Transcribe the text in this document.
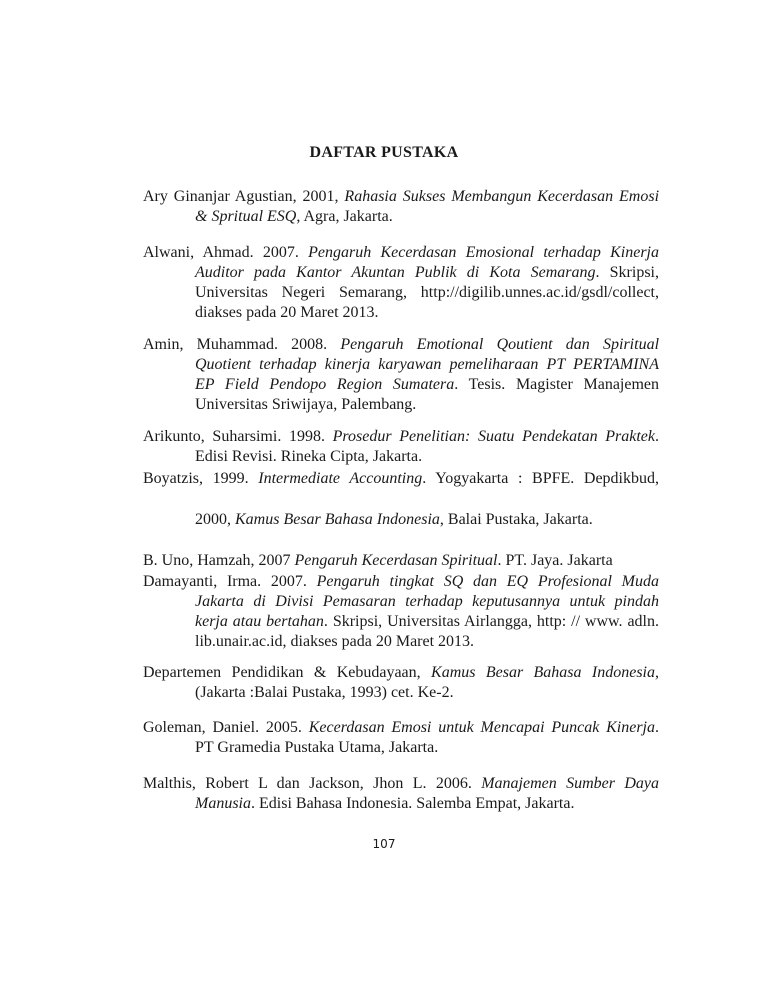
DAFTAR PUSTAKA
Ary Ginanjar Agustian, 2001, Rahasia Sukses Membangun Kecerdasan Emosi
& Spritual ESQ, Agra, Jakarta.
Alwani, Ahmad. 2007. Pengaruh Kecerdasan Emosional terhadap Kinerja
Auditor pada Kantor Akuntan Publik di Kota Semarang. Skripsi,
Universitas Negeri Semarang, http://digilib.unnes.ac.id/gsdl/collect,
diakses pada 20 Maret 2013.
Amin, Muhammad. 2008. Pengaruh Emotional Qoutient dan Spiritual
Quotient terhadap kinerja karyawan pemeliharaan PT PERTAMINA
EP Field Pendopo Region Sumatera. Tesis. Magister Manajemen
Universitas Sriwijaya, Palembang.
Arikunto, Suharsimi. 1998. Prosedur Penelitian: Suatu Pendekatan Praktek.
Edisi Revisi. Rineka Cipta, Jakarta.
Boyatzis, 1999. Intermediate Accounting. Yogyakarta : BPFE. Depdikbud,
2000, Kamus Besar Bahasa Indonesia, Balai Pustaka, Jakarta.
B. Uno, Hamzah, 2007 Pengaruh Kecerdasan Spiritual. PT. Jaya. Jakarta
Damayanti, Irma. 2007. Pengaruh tingkat SQ dan EQ Profesional Muda
Jakarta di Divisi Pemasaran terhadap keputusannya untuk pindah
kerja atau bertahan. Skripsi, Universitas Airlangga, http: // www. adln.
lib.unair.ac.id, diakses pada 20 Maret 2013.
Departemen Pendidikan & Kebudayaan, Kamus Besar Bahasa Indonesia,
(Jakarta :Balai Pustaka, 1993) cet. Ke-2.
Goleman, Daniel. 2005. Kecerdasan Emosi untuk Mencapai Puncak Kinerja.
PT Gramedia Pustaka Utama, Jakarta.
Malthis, Robert L dan Jackson, Jhon L. 2006. Manajemen Sumber Daya
Manusia. Edisi Bahasa Indonesia. Salemba Empat, Jakarta.
107
